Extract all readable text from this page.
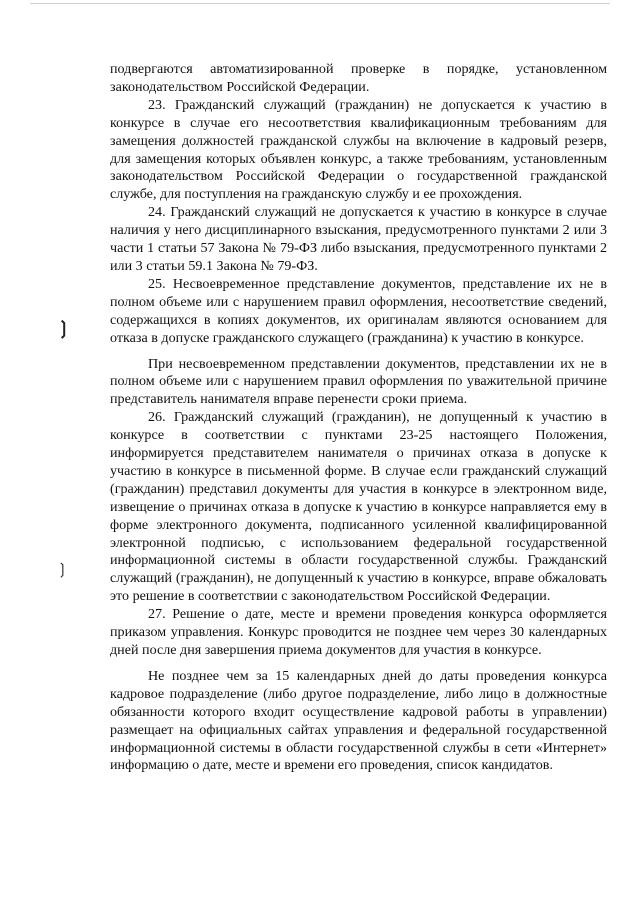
❳
❳

подвергаются автоматизированной проверке в порядке, установленном законодательством Российской Федерации.

23. Гражданский служащий (гражданин) не допускается к участию в конкурсе в случае его несоответствия квалификационным требованиям для замещения должностей гражданской службы на включение в кадровый резерв, для замещения которых объявлен конкурс, а также требованиям, установленным законодательством Российской Федерации о государственной гражданской службе, для поступления на гражданскую службу и ее прохождения.

24. Гражданский служащий не допускается к участию в конкурсе в случае наличия у него дисциплинарного взыскания, предусмотренного пунктами 2 или 3 части 1 статьи 57 Закона № 79-ФЗ либо взыскания, предусмотренного пунктами 2 или 3 статьи 59.1 Закона № 79-ФЗ.

25. Несвоевременное представление документов, представление их не в полном объеме или с нарушением правил оформления, несоответствие сведений, содержащихся в копиях документов, их оригиналам являются основанием для отказа в допуске гражданского служащего (гражданина) к участию в конкурсе.

При несвоевременном представлении документов, представлении их не в полном объеме или с нарушением правил оформления по уважительной причине представитель нанимателя вправе перенести сроки приема.

26. Гражданский служащий (гражданин), не допущенный к участию в конкурсе в соответствии с пунктами 23-25 настоящего Положения, информируется представителем нанимателя о причинах отказа в допуске к участию в конкурсе в письменной форме. В случае если гражданский служащий (гражданин) представил документы для участия в конкурсе в электронном виде, извещение о причинах отказа в допуске к участию в конкурсе направляется ему в форме электронного документа, подписанного усиленной квалифицированной электронной подписью, с использованием федеральной государственной информационной системы в области государственной службы. Гражданский служащий (гражданин), не допущенный к участию в конкурсе, вправе обжаловать это решение в соответствии с законодательством Российской Федерации.

27. Решение о дате, месте и времени проведения конкурса оформляется приказом управления. Конкурс проводится не позднее чем через 30 календарных дней после дня завершения приема документов для участия в конкурсе.

Не позднее чем за 15 календарных дней до даты проведения конкурса кадровое подразделение (либо другое подразделение, либо лицо в должностные обязанности которого входит осуществление кадровой работы в управлении) размещает на официальных сайтах управления и федеральной государственной информационной системы в области государственной службы в сети «Интернет» информацию о дате, месте и времени его проведения, список кандидатов.
